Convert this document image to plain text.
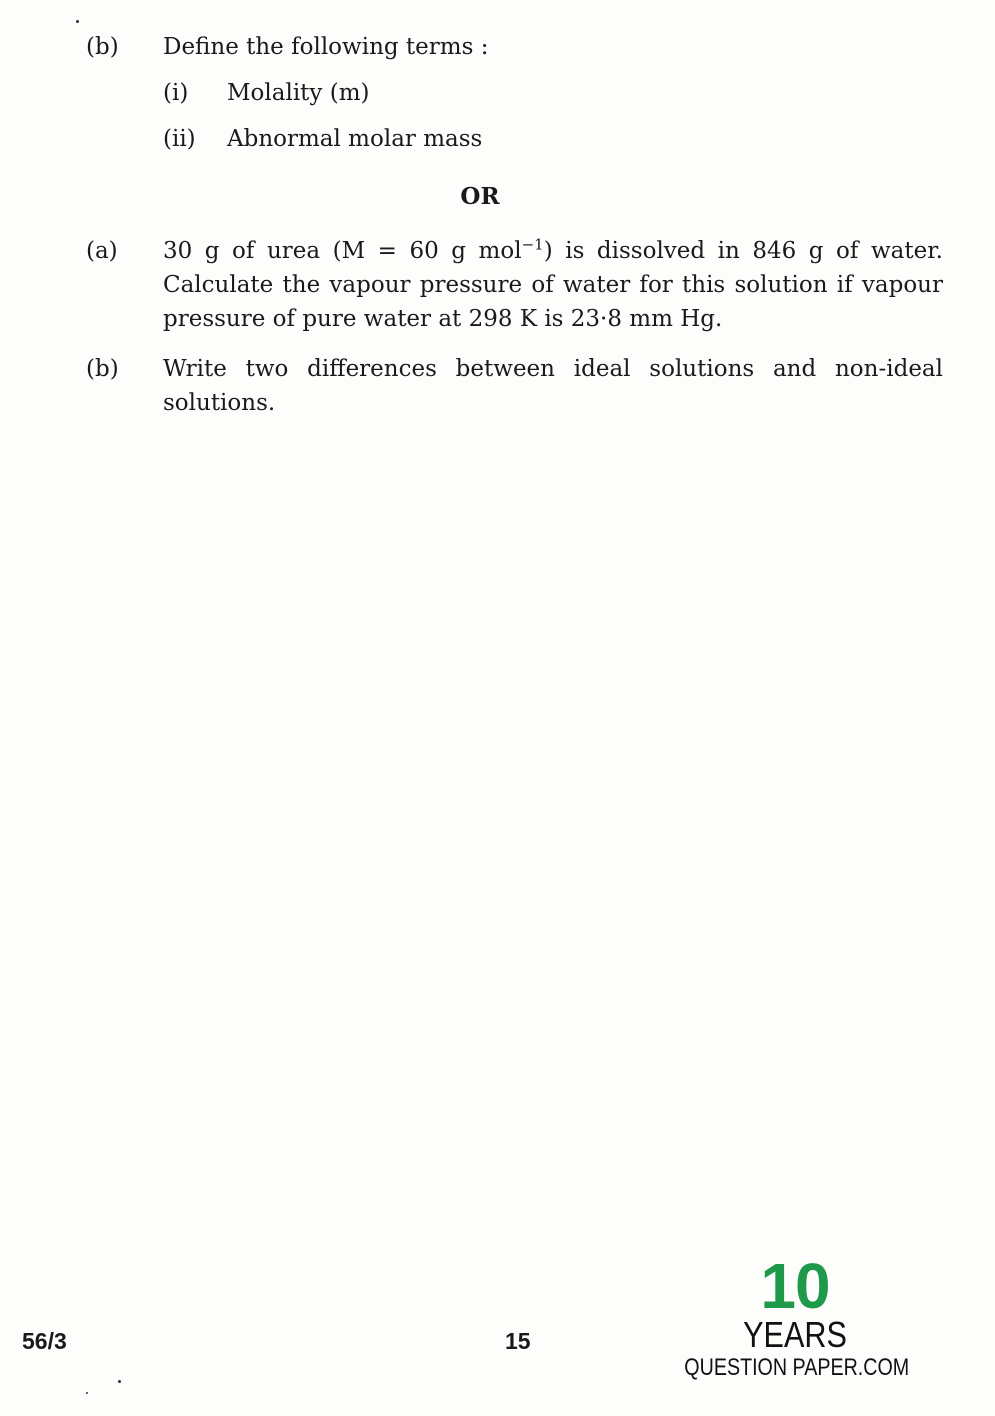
(b) Define the following terms :
(i) Molality (m)
(ii) Abnormal molar mass
OR
(a) 30 g of urea (M = 60 g mol$^{-1}$) is dissolved in 846 g of water. Calculate the vapour pressure of water for this solution if vapour pressure of pure water at 298 K is 23·8 mm Hg.
(b) Write two differences between ideal solutions and non-ideal solutions.
56/3	15
10
YEARS
QUESTION PAPER.COM
